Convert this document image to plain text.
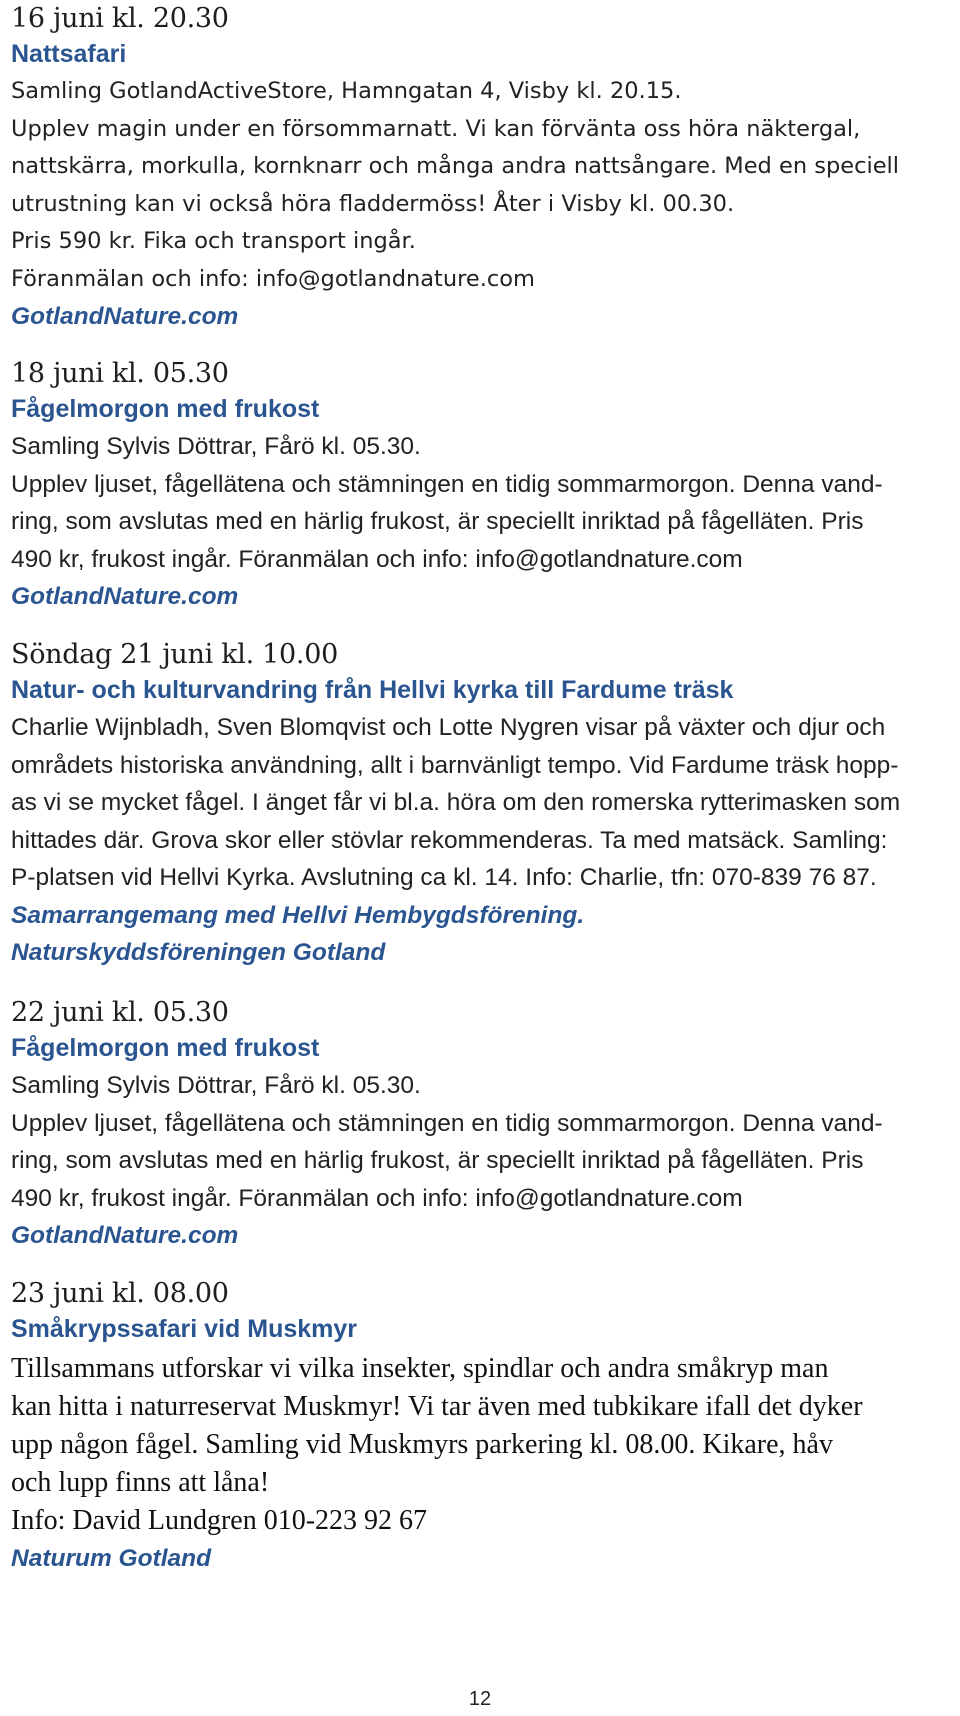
16 juni kl. 20.30
Nattsafari
Samling GotlandActiveStore, Hamngatan 4, Visby kl. 20.15.
Upplev magin under en försommarnatt. Vi kan förvänta oss höra näktergal,
nattskärra, morkulla, kornknarr och många andra nattsångare. Med en speciell
utrustning kan vi också höra fladdermöss! Åter i Visby kl. 00.30.
Pris 590 kr. Fika och transport ingår.
Föranmälan och info: info@gotlandnature.com
GotlandNature.com
18 juni kl. 05.30
Fågelmorgon med frukost
Samling Sylvis Döttrar, Fårö kl. 05.30.
Upplev ljuset, fågellätena och stämningen en tidig sommarmorgon. Denna vand-
ring, som avslutas med en härlig frukost, är speciellt inriktad på fågelläten. Pris
490 kr, frukost ingår. Föranmälan och info: info@gotlandnature.com
GotlandNature.com
Söndag 21 juni kl. 10.00
Natur- och kulturvandring från Hellvi kyrka till Fardume träsk
Charlie Wijnbladh, Sven Blomqvist och Lotte Nygren visar på växter och djur och
områdets historiska användning, allt i barnvänligt tempo. Vid Fardume träsk hopp-
as vi se mycket fågel. I änget får vi bl.a. höra om den romerska rytterimasken som
hittades där. Grova skor eller stövlar rekommenderas. Ta med matsäck. Samling:
P-platsen vid Hellvi Kyrka. Avslutning ca kl. 14. Info: Charlie, tfn: 070-839 76 87.
Samarrangemang med Hellvi Hembygdsförening.
Naturskyddsföreningen Gotland
22 juni kl. 05.30
Fågelmorgon med frukost
Samling Sylvis Döttrar, Fårö kl. 05.30.
Upplev ljuset, fågellätena och stämningen en tidig sommarmorgon. Denna vand-
ring, som avslutas med en härlig frukost, är speciellt inriktad på fågelläten. Pris
490 kr, frukost ingår. Föranmälan och info: info@gotlandnature.com
GotlandNature.com
23 juni kl. 08.00
Småkrypssafari vid Muskmyr
Tillsammans utforskar vi vilka insekter, spindlar och andra småkryp man
kan hitta i naturreservat Muskmyr! Vi tar även med tubkikare ifall det dyker
upp någon fågel. Samling vid Muskmyrs parkering kl. 08.00. Kikare, håv
och lupp finns att låna!
Info: David Lundgren 010-223 92 67
Naturum Gotland
12
